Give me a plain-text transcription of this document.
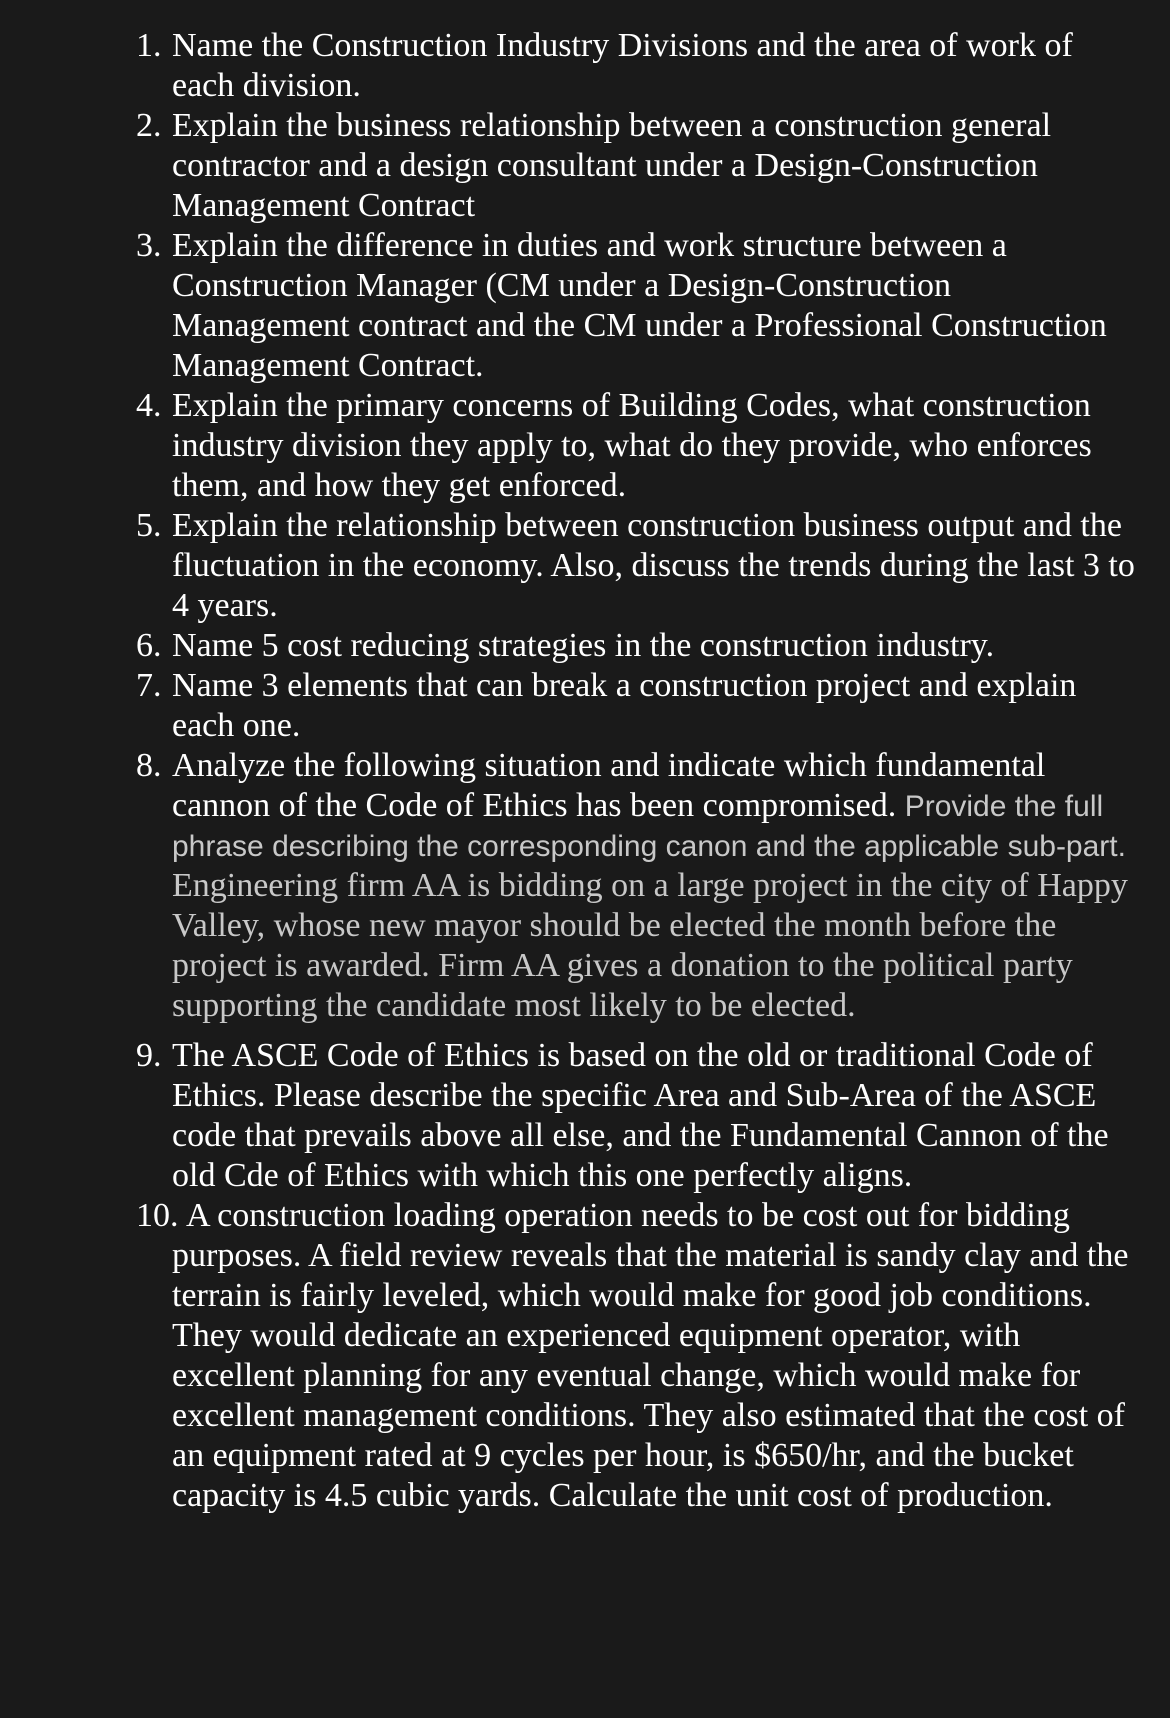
1. Name the Construction Industry Divisions and the area of work of each division.
2. Explain the business relationship between a construction general contractor and a design consultant under a Design-Construction Management Contract
3. Explain the difference in duties and work structure between a Construction Manager (CM under a Design-Construction Management contract and the CM under a Professional Construction Management Contract.
4. Explain the primary concerns of Building Codes, what construction industry division they apply to, what do they provide, who enforces them, and how they get enforced.
5. Explain the relationship between construction business output and the fluctuation in the economy. Also, discuss the trends during the last 3 to 4 years.
6. Name 5 cost reducing strategies in the construction industry.
7. Name 3 elements that can break a construction project and explain each one.
8. Analyze the following situation and indicate which fundamental cannon of the Code of Ethics has been compromised. Provide the full phrase describing the corresponding canon and the applicable sub-part.
Engineering firm AA is bidding on a large project in the city of Happy Valley, whose new mayor should be elected the month before the project is awarded. Firm AA gives a donation to the political party supporting the candidate most likely to be elected.
9. The ASCE Code of Ethics is based on the old or traditional Code of Ethics. Please describe the specific Area and Sub-Area of the ASCE code that prevails above all else, and the Fundamental Cannon of the old Cde of Ethics with which this one perfectly aligns.
10. A construction loading operation needs to be cost out for bidding purposes. A field review reveals that the material is sandy clay and the terrain is fairly leveled, which would make for good job conditions. They would dedicate an experienced equipment operator, with excellent planning for any eventual change, which would make for excellent management conditions. They also estimated that the cost of an equipment rated at 9 cycles per hour, is $650/hr, and the bucket capacity is 4.5 cubic yards. Calculate the unit cost of production.
